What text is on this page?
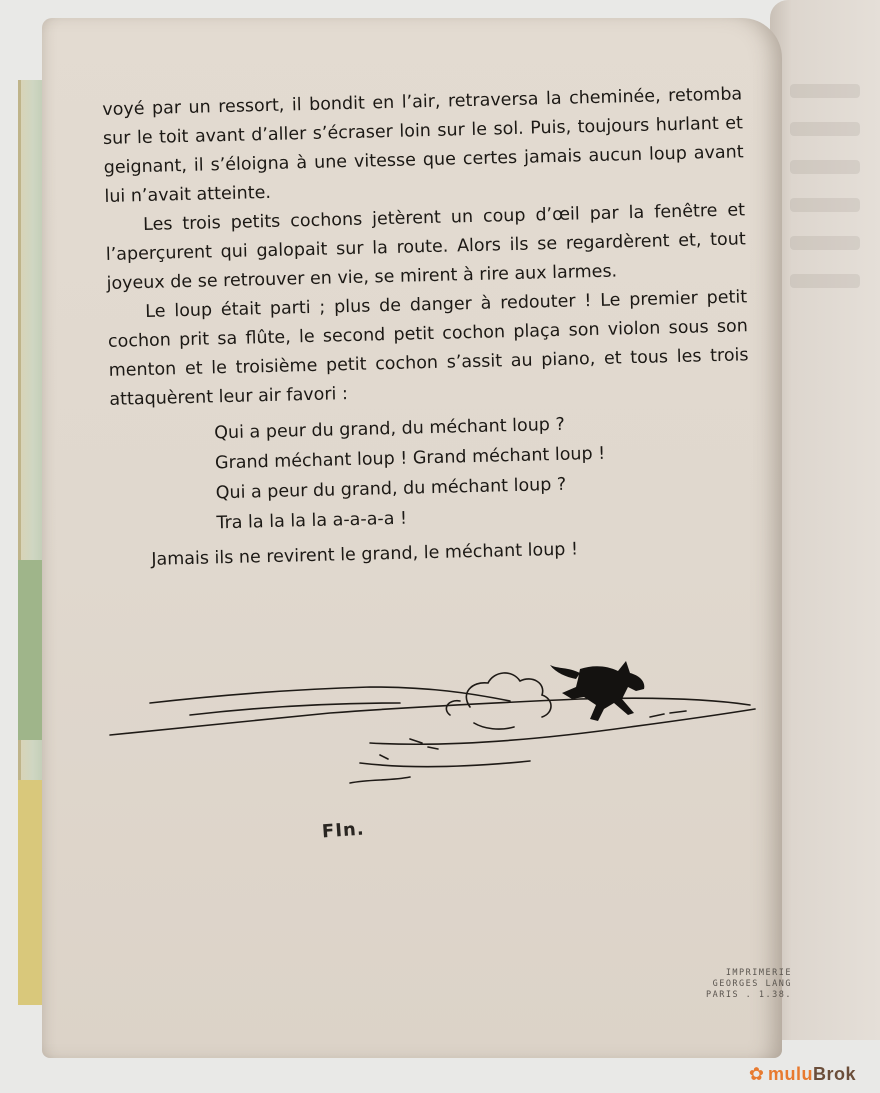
voyé par un ressort, il bondit en l’air, retraversa la cheminée, retomba sur le toit avant d’aller s’écraser loin sur le sol. Puis, toujours hurlant et geignant, il s’éloigna à une vitesse que certes jamais aucun loup avant lui n’avait atteinte.

Les trois petits cochons jetèrent un coup d’œil par la fenêtre et l’aperçurent qui galopait sur la route. Alors ils se regardèrent et, tout joyeux de se retrouver en vie, se mirent à rire aux larmes.

Le loup était parti ; plus de danger à redouter ! Le premier petit cochon prit sa flûte, le second petit cochon plaça son violon sous son menton et le troisième petit cochon s’assit au piano, et tous les trois attaquèrent leur air favori :

Qui a peur du grand, du méchant loup ?
Grand méchant loup ! Grand méchant loup !
Qui a peur du grand, du méchant loup ?
Tra la la la la a-a-a-a !

Jamais ils ne revirent le grand, le méchant loup !

FIn.
IMPRIMERIE
GEORGES LANG
PARIS . 1.38.
✿ muluBrok
